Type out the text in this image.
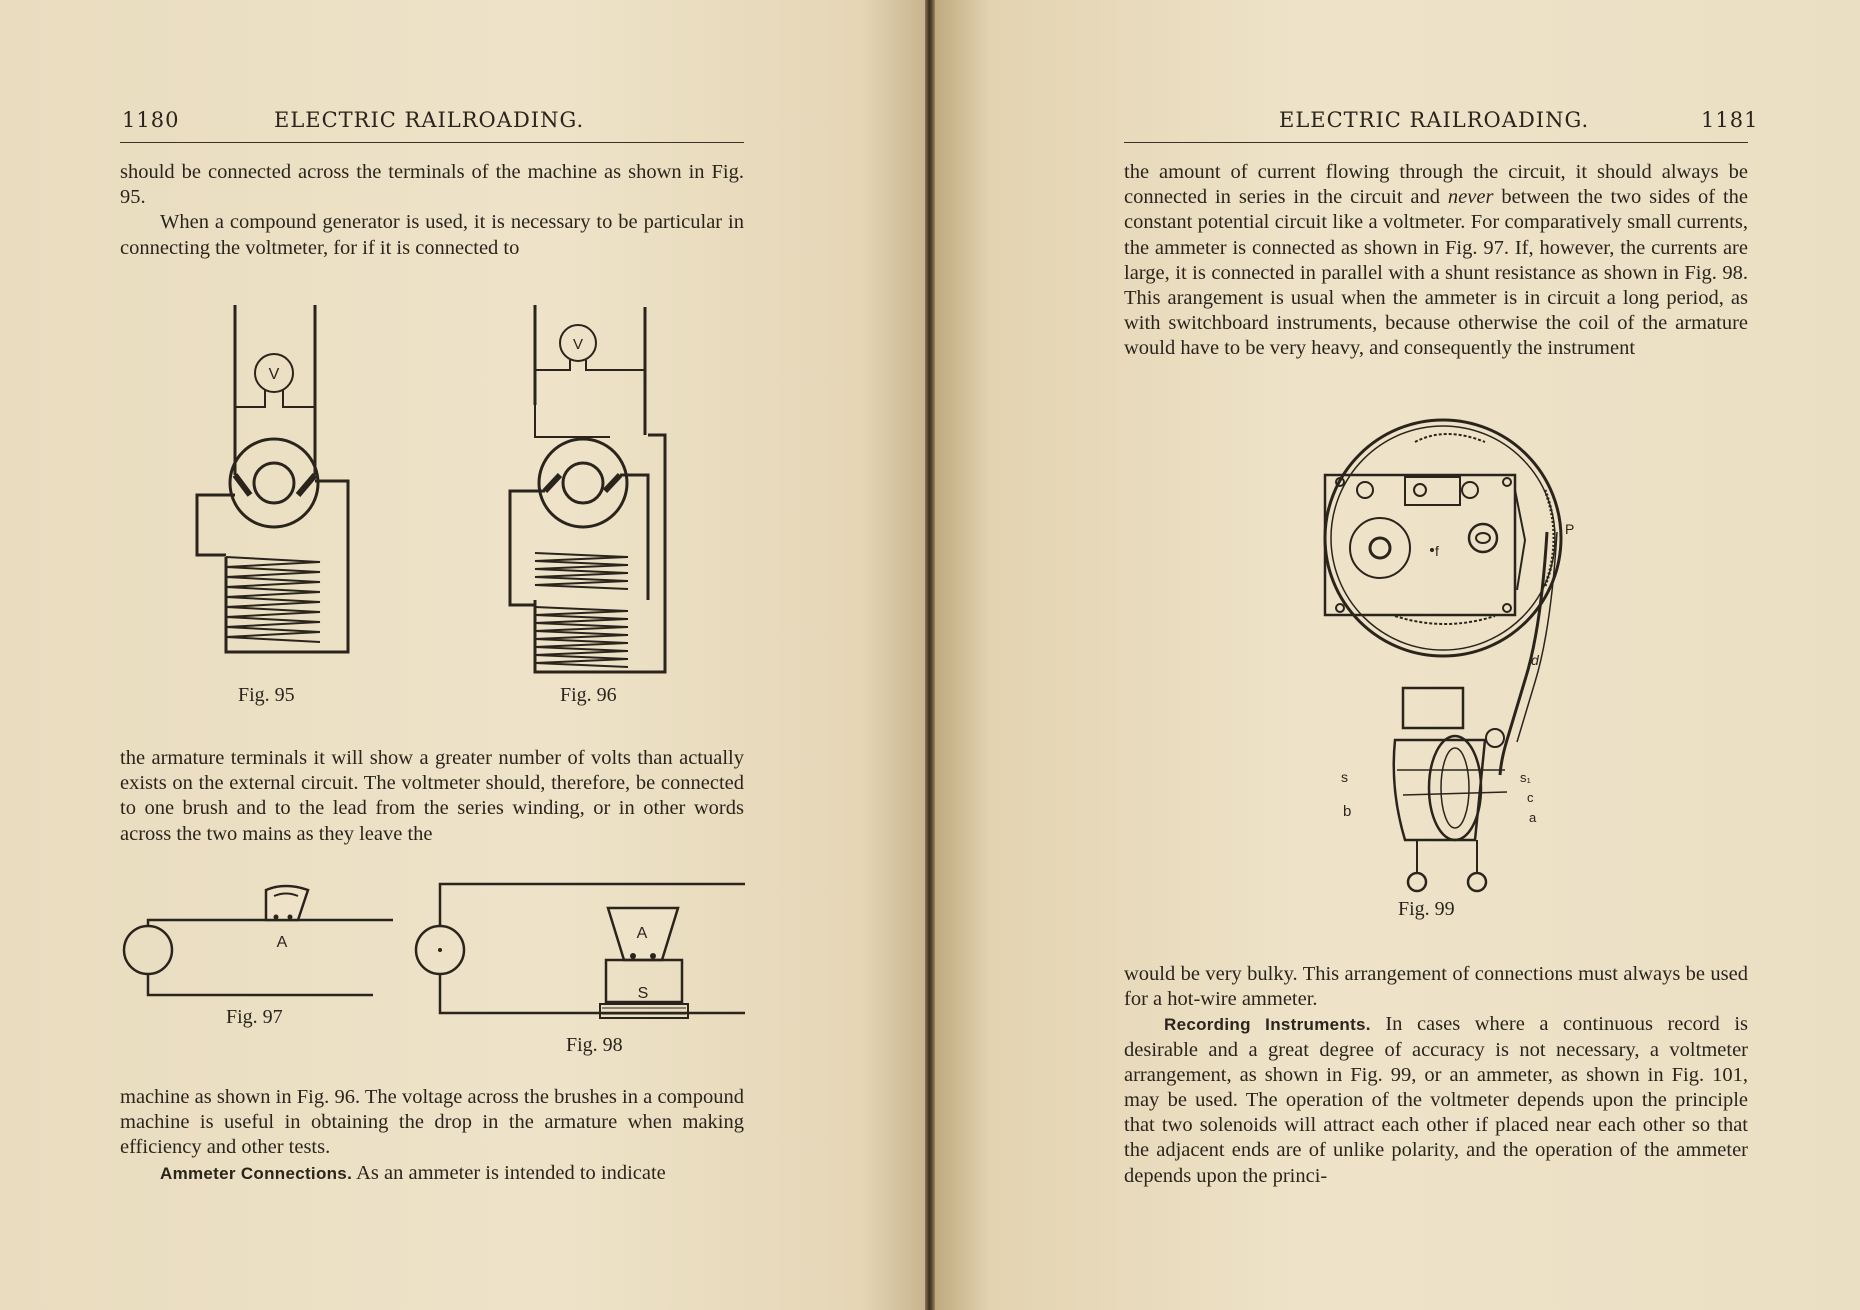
1180	ELECTRIC RAILROADING.

should be connected across the terminals of the machine as shown in Fig. 95.

When a compound generator is used, it is necessary to be particular in connecting the voltmeter, for if it is connected to

V
Fig. 95
V
Fig. 96

the armature terminals it will show a greater number of volts than actually exists on the external circuit. The voltmeter should, therefore, be connected to one brush and to the lead from the series winding, or in other words across the two mains as they leave the

A
Fig. 97
A
S
Fig. 98

machine as shown in Fig. 96. The voltage across the brushes in a compound machine is useful in obtaining the drop in the armature when making efficiency and other tests.

Ammeter Connections. As an ammeter is intended to indicate

ELECTRIC RAILROADING.	1181

the amount of current flowing through the circuit, it should always be connected in series in the circuit and never between the two sides of the constant potential circuit like a voltmeter. For comparatively small currents, the ammeter is connected as shown in Fig. 97. If, however, the currents are large, it is connected in parallel with a shunt resistance as shown in Fig. 98. This arangement is usual when the ammeter is in circuit a long period, as with switchboard instruments, because otherwise the coil of the armature would have to be very heavy, and consequently the instrument

P
f
d
s	s₁
c
a
b
Fig. 99

would be very bulky. This arrangement of connections must always be used for a hot-wire ammeter.

Recording Instruments. In cases where a continuous record is desirable and a great degree of accuracy is not necessary, a voltmeter arrangement, as shown in Fig. 99, or an ammeter, as shown in Fig. 101, may be used. The operation of the voltmeter depends upon the principle that two solenoids will attract each other if placed near each other so that the adjacent ends are of unlike polarity, and the operation of the ammeter depends upon the princi-
